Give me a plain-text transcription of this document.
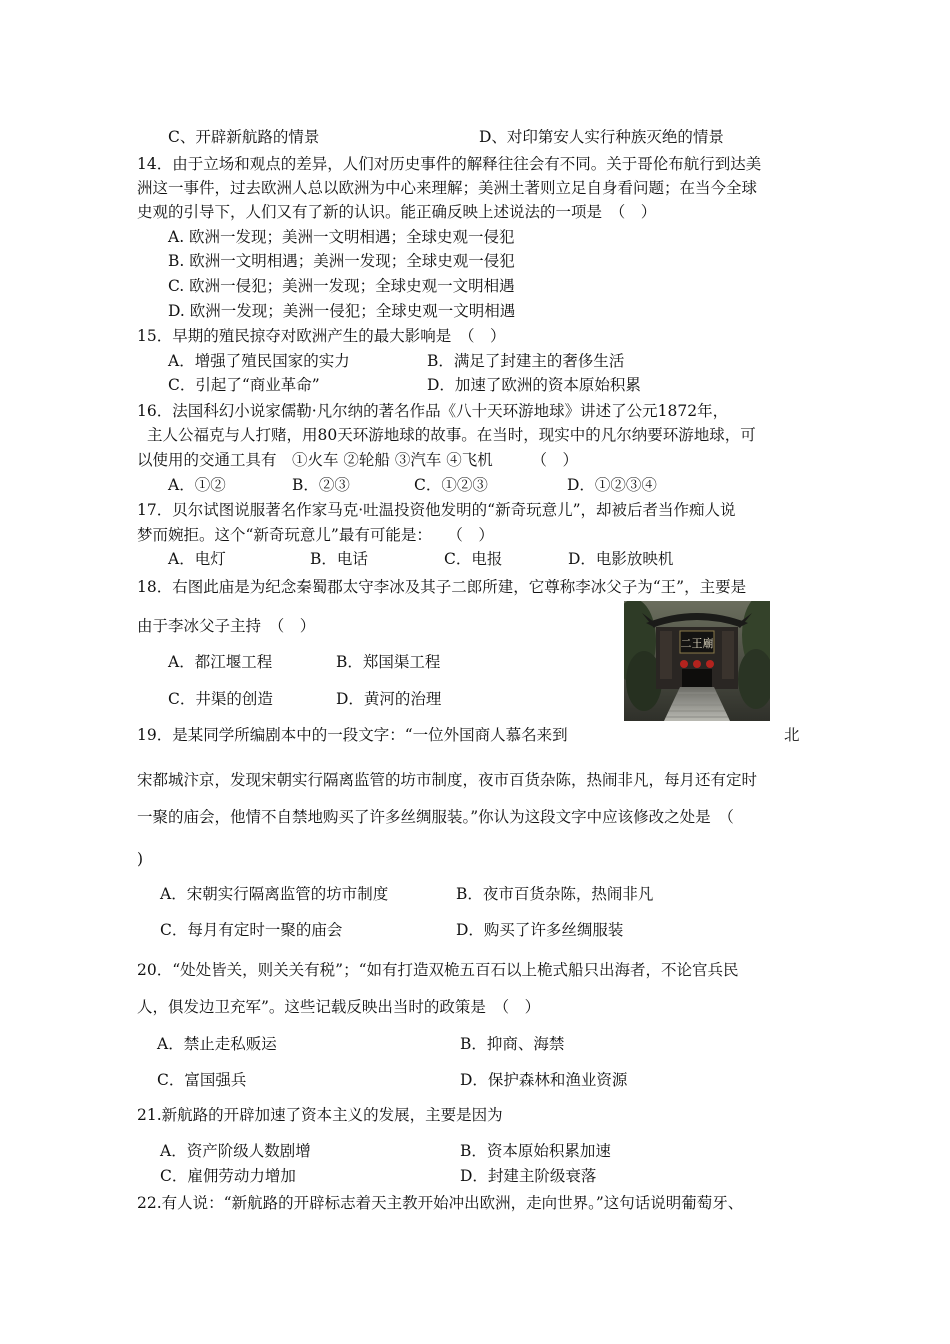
C、开辟新航路的情景	D、对印第安人实行种族灭绝的情景
14．由于立场和观点的差异，人们对历史事件的解释往往会有不同。关于哥伦布航行到达美
洲这一事件，过去欧洲人总以欧洲为中心来理解；美洲土著则立足自身看问题；在当今全球
史观的引导下，人们又有了新的认识。能正确反映上述说法的一项是　（　）
A. 欧洲一发现；美洲一文明相遇；全球史观一侵犯
B. 欧洲一文明相遇；美洲一发现；全球史观一侵犯
C. 欧洲一侵犯；美洲一发现；全球史观一文明相遇
D. 欧洲一发现；美洲一侵犯；全球史观一文明相遇
15．早期的殖民掠夺对欧洲产生的最大影响是　（　）
A．增强了殖民国家的实力	B．满足了封建主的奢侈生活
C．引起了“商业革命”	D．加速了欧洲的资本原始积累
16．法国科幻小说家儒勒·凡尔纳的著名作品《八十天环游地球》讲述了公元1872年，
主人公福克与人打赌，用80天环游地球的故事。在当时，现实中的凡尔纳要环游地球，可
以使用的交通工具有　①火车 ②轮船 ③汽车 ④飞机　　　（　）
A．①②	B．②③	C．①②③	D．①②③④
17．贝尔试图说服著名作家马克·吐温投资他发明的“新奇玩意儿”，却被后者当作痴人说
梦而婉拒。这个“新奇玩意儿”最有可能是：　　（　）
A．电灯	B．电话	C．电报	D．电影放映机
18．右图此庙是为纪念秦蜀郡太守李冰及其子二郎所建，它尊称李冰父子为“王”，主要是
由于李冰父子主持　（　）
A．都江堰工程	B．郑国渠工程
C．井渠的创造	D．黄河的治理
二王廟
19．是某同学所编剧本中的一段文字：“一位外国商人慕名来到	北
宋都城汴京，发现宋朝实行隔离监管的坊市制度，夜市百货杂陈，热闹非凡，每月还有定时
一聚的庙会，他情不自禁地购买了许多丝绸服装。”你认为这段文字中应该修改之处是　（
)
A．宋朝实行隔离监管的坊市制度	B．夜市百货杂陈，热闹非凡
C．每月有定时一聚的庙会	D．购买了许多丝绸服装
20．“处处皆关，则关关有税”；“如有打造双桅五百石以上桅式船只出海者，不论官兵民
人，俱发边卫充军”。这些记载反映出当时的政策是　（　）
A．禁止走私贩运	B．抑商、海禁
C．富国强兵	D．保护森林和渔业资源
21.新航路的开辟加速了资本主义的发展，主要是因为
A．资产阶级人数剧增	B．资本原始积累加速
C．雇佣劳动力增加	D．封建主阶级衰落
22.有人说：“新航路的开辟标志着天主教开始冲出欧洲，走向世界。”这句话说明葡萄牙、
